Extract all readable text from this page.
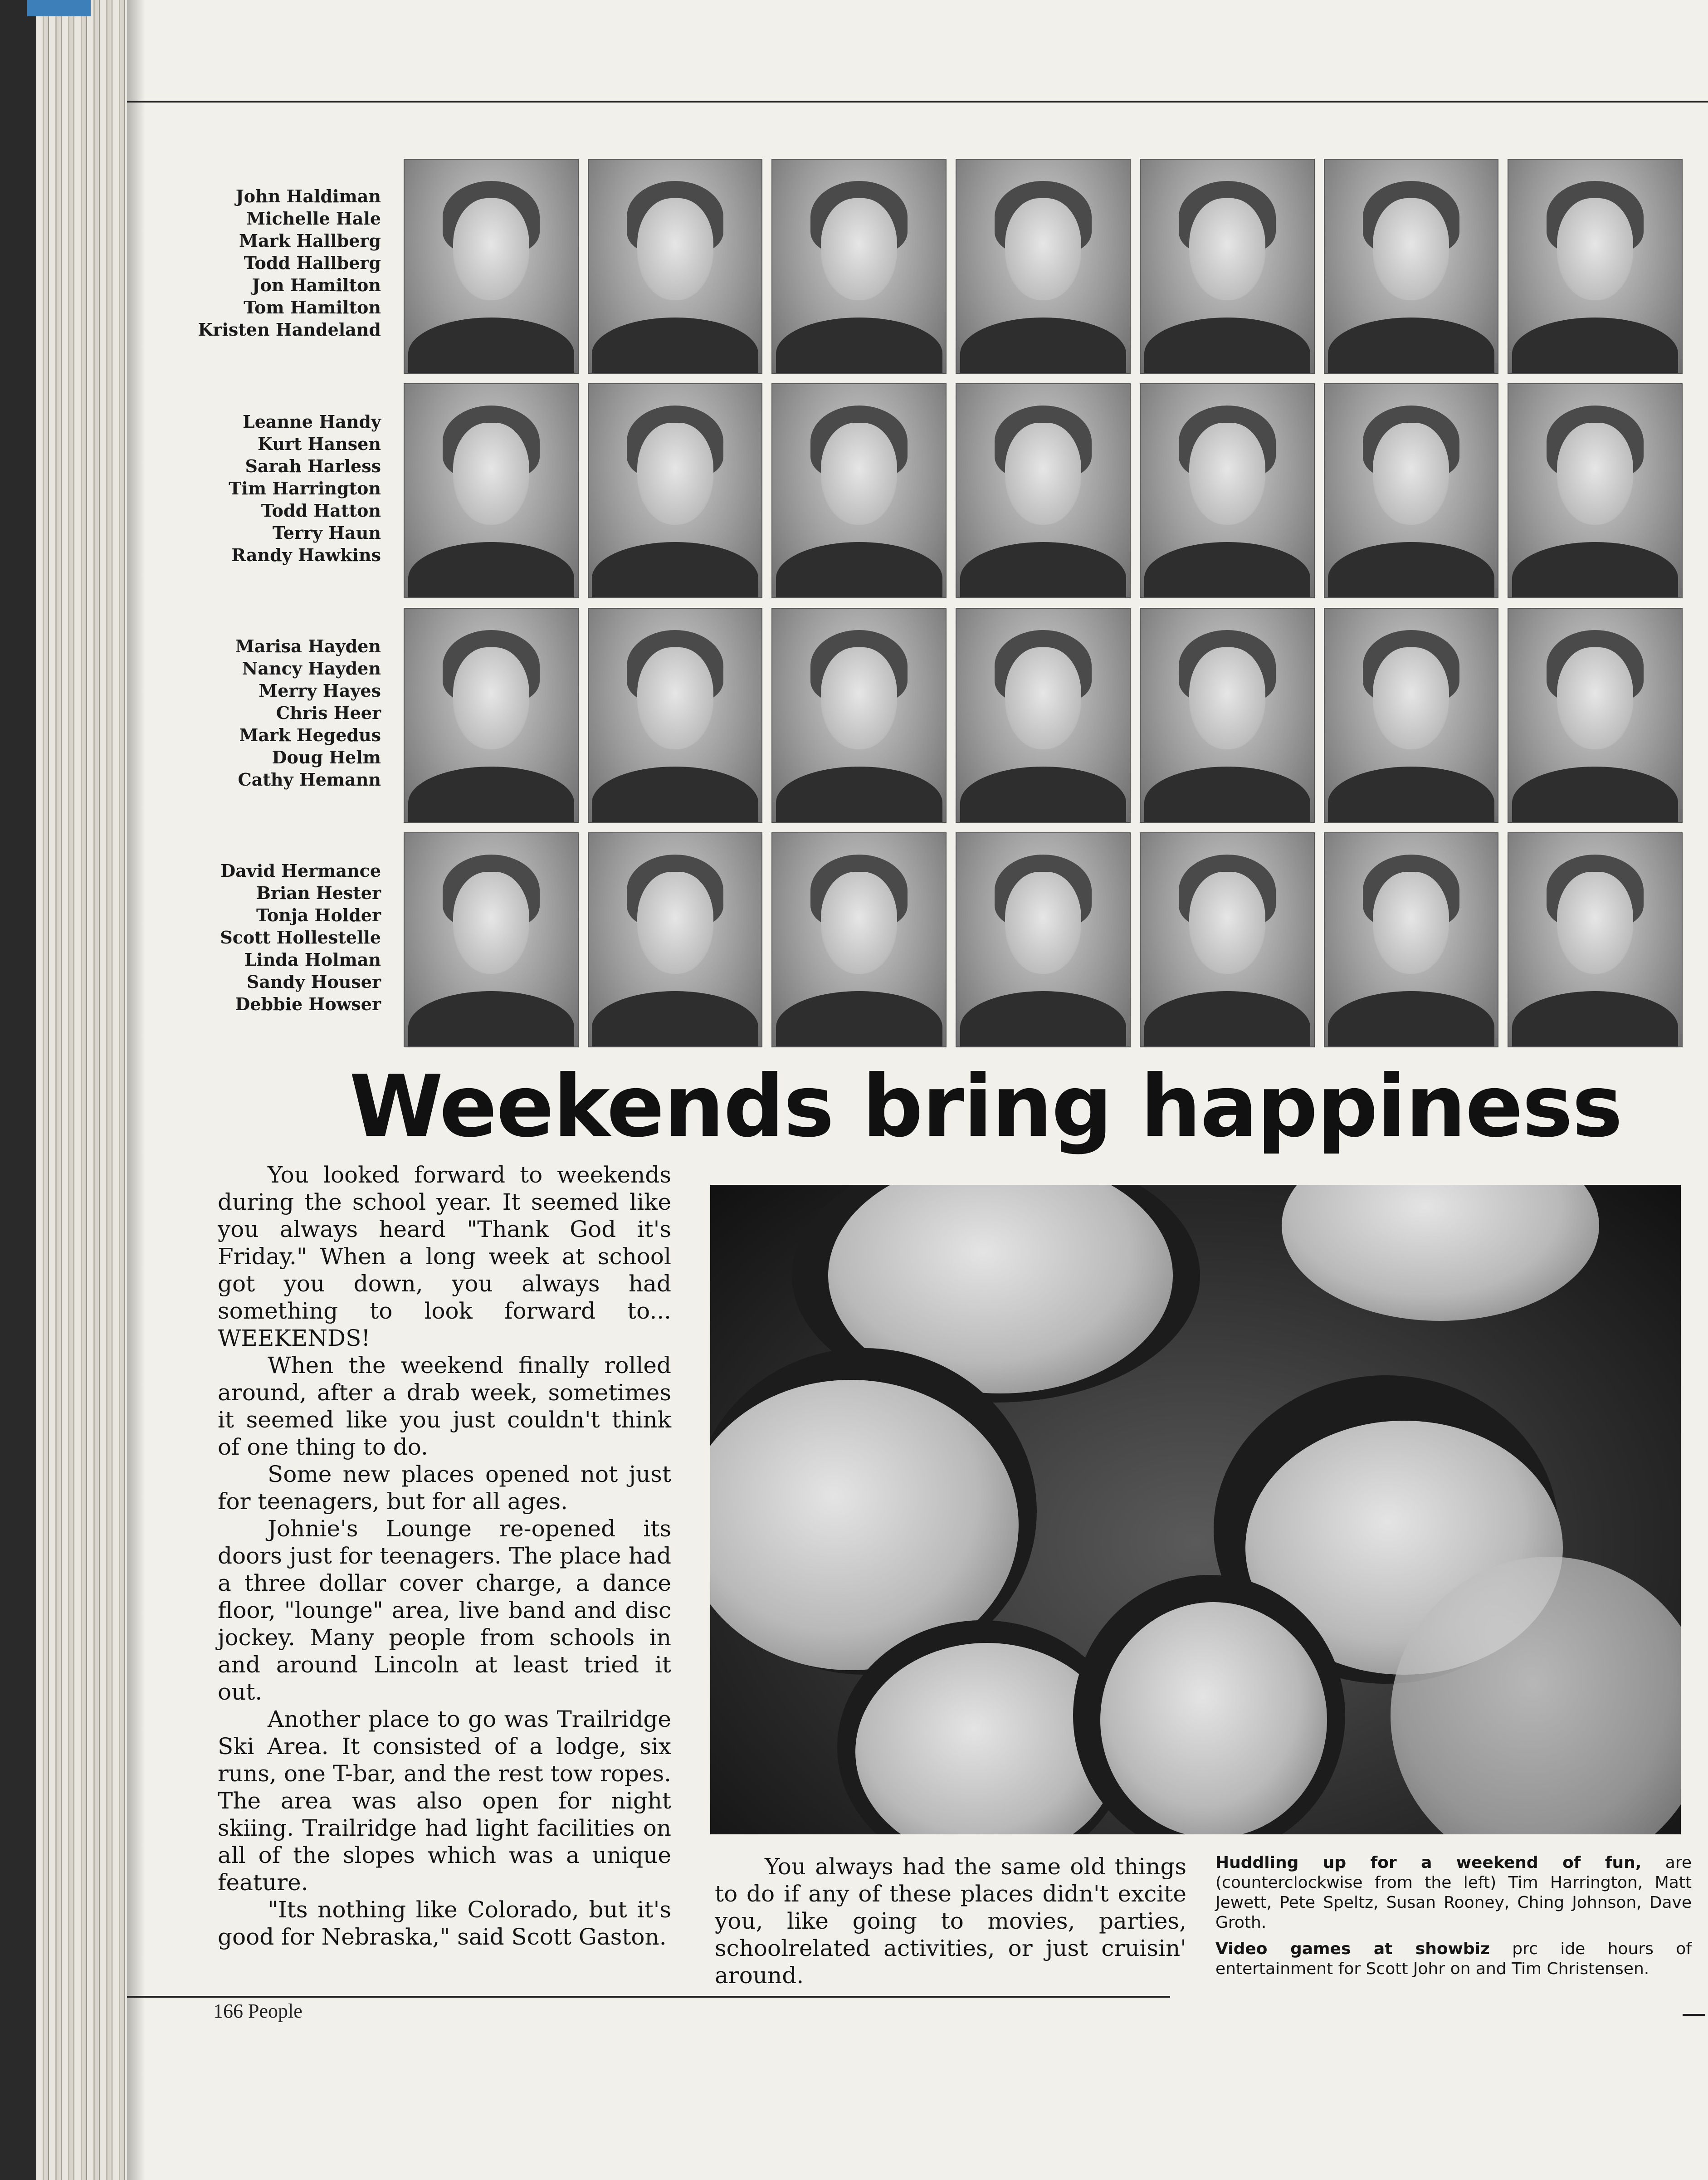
John Haldiman
Michelle Hale
Mark Hallberg
Todd Hallberg
Jon Hamilton
Tom Hamilton
Kristen Handeland
Leanne Handy
Kurt Hansen
Sarah Harless
Tim Harrington
Todd Hatton
Terry Haun
Randy Hawkins
Marisa Hayden
Nancy Hayden
Merry Hayes
Chris Heer
Mark Hegedus
Doug Helm
Cathy Hemann
David Hermance
Brian Hester
Tonja Holder
Scott Hollestelle
Linda Holman
Sandy Houser
Debbie Howser
Weekends bring happiness

You looked forward to weekends during the school year. It seemed like you always heard "Thank God it's Friday." When a long week at school got you down, you always had something to look forward to... WEEKENDS!

When the weekend finally rolled around, after a drab week, sometimes it seemed like you just couldn't think of one thing to do.

Some new places opened not just for teenagers, but for all ages.

Johnie's Lounge re-opened its doors just for teenagers. The place had a three dollar cover charge, a dance floor, "lounge" area, live band and disc jockey. Many people from schools in and around Lincoln at least tried it out.

Another place to go was Trailridge Ski Area. It consisted of a lodge, six runs, one T-bar, and the rest tow ropes. The area was also open for night skiing. Trailridge had light facilities on all of the slopes which was a unique feature.

"Its nothing like Colorado, but it's good for Nebraska," said Scott Gaston.

You always had the same old things to do if any of these places didn't excite you, like going to movies, parties, schoolrelated activities, or just cruisin' around.

Huddling up for a weekend of fun, are (counterclockwise from the left) Tim Harrington, Matt Jewett, Pete Speltz, Susan Rooney, Ching Johnson, Dave Groth.

Video games at showbiz prc ide hours of entertainment for Scott Johr on and Tim Christensen.

166 People
